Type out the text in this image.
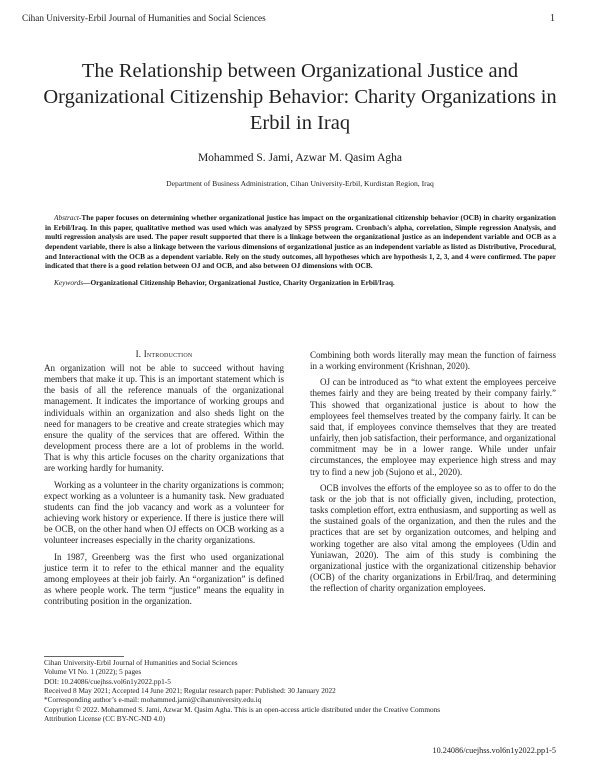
Cihan University-Erbil Journal of Humanities and Social Sciences	1
The Relationship between Organizational Justice and Organizational Citizenship Behavior: Charity Organizations in Erbil in Iraq
Mohammed S. Jami, Azwar M. Qasim Agha
Department of Business Administration, Cihan University-Erbil, Kurdistan Region, Iraq
Abstract-The paper focuses on determining whether organizational justice has impact on the organizational citizenship behavior (OCB) in charity organization in Erbil/Iraq. In this paper, qualitative method was used which was analyzed by SPSS program. Cronbach's alpha, correlation, Simple regression Analysis, and multi regression analysis are used. The paper result supported that there is a linkage between the organizational justice as an independent variable and OCB as a dependent variable, there is also a linkage between the various dimensions of organizational justice as an independent variable as listed as Distributive, Procedural, and Interactional with the OCB as a dependent variable. Rely on the study outcomes, all hypotheses which are hypothesis 1, 2, 3, and 4 were confirmed. The paper indicated that there is a good relation between OJ and OCB, and also between OJ dimensions with OCB.
Keywords—Organizational Citizenship Behavior, Organizational Justice, Charity Organization in Erbil/Iraq.
I. Introduction

An organization will not be able to succeed without having members that make it up. This is an important statement which is the basis of all the reference manuals of the organizational management. It indicates the importance of working groups and individuals within an organization and also sheds light on the need for managers to be creative and create strategies which may ensure the quality of the services that are offered. Within the development process there are a lot of problems in the world. That is why this article focuses on the charity organizations that are working hardly for humanity.

Working as a volunteer in the charity organizations is common; expect working as a volunteer is a humanity task. New graduated students can find the job vacancy and work as a volunteer for achieving work history or experience. If there is justice there will be OCB, on the other hand when OJ effects on OCB working as a volunteer increases especially in the charity organizations.

In 1987, Greenberg was the first who used organizational justice term it to refer to the ethical manner and the equality among employees at their job fairly. An “organization” is defined as where people work. The term “justice” means the equality in contributing position in the organization.

Combining both words literally may mean the function of fairness in a working environment (Krishnan, 2020).

OJ can be introduced as “to what extent the employees perceive themes fairly and they are being treated by their company fairly.” This showed that organizational justice is about to how the employees feel themselves treated by the company fairly. It can be said that, if employees convince themselves that they are treated unfairly, then job satisfaction, their performance, and organizational commitment may be in a lower range. While under unfair circumstances, the employee may experience high stress and may try to find a new job (Sujono et al., 2020).

OCB involves the efforts of the employee so as to offer to do the task or the job that is not officially given, including, protection, tasks completion effort, extra enthusiasm, and supporting as well as the sustained goals of the organization, and then the rules and the practices that are set by organization outcomes, and helping and working together are also vital among the employees (Udin and Yuniawan, 2020). The aim of this study is combining the organizational justice with the organizational citizenship behavior (OCB) of the charity organizations in Erbil/Iraq, and determining the reflection of charity organization employees.

Cihan University-Erbil Journal of Humanities and Social Sciences
Volume VI No. 1 (2022); 5 pages
DOI: 10.24086/cuejhss.vol6n1y2022.pp1-5
Received 8 May 2021; Accepted 14 June 2021; Regular research paper: Published: 30 January 2022
*Corresponding author’s e-mail: mohammed.jami@cihanuniversity.edu.iq
Copyright © 2022. Mohammed S. Jami, Azwar M. Qasim Agha. This is an open-access article distributed under the Creative Commons
Attribution License (CC BY-NC-ND 4.0)
10.24086/cuejhss.vol6n1y2022.pp1-5
